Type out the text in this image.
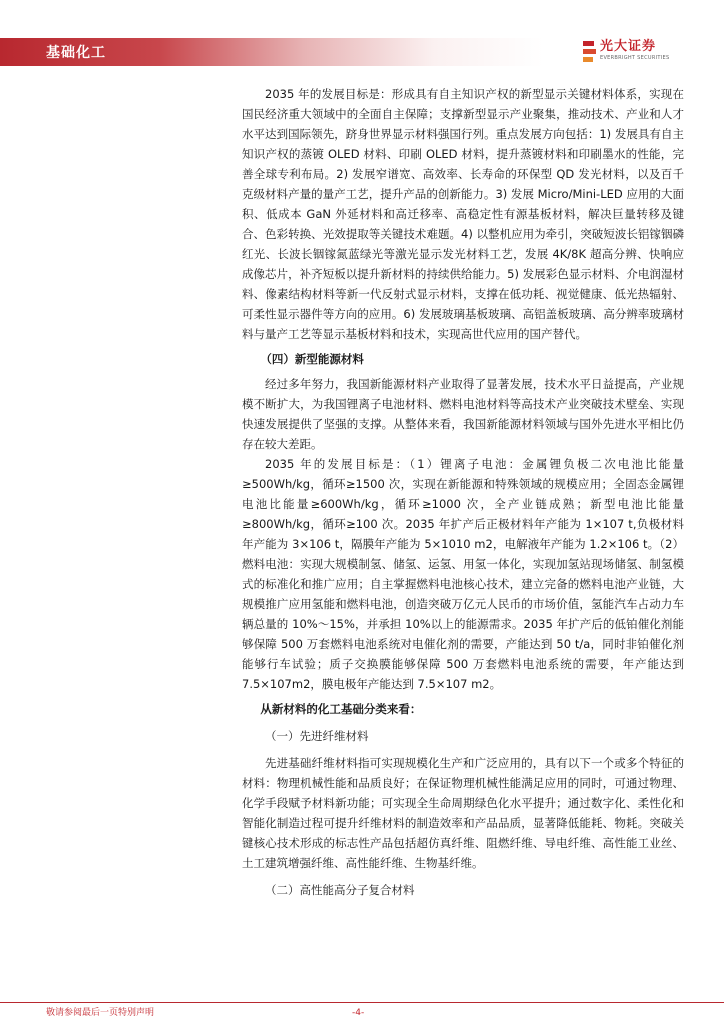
基础化工	光大证券
EVERBRIGHT SECURITIES

2035 年的发展目标是：形成具有自主知识产权的新型显示关键材料体系，实现在国民经济重大领域中的全面自主保障；支撑新型显示产业聚集，推动技术、产业和人才水平达到国际领先，跻身世界显示材料强国行列。重点发展方向包括：1) 发展具有自主知识产权的蒸镀 OLED 材料、印刷 OLED 材料，提升蒸镀材料和印刷墨水的性能，完善全球专利布局。2) 发展窄谱宽、高效率、长寿命的环保型 QD 发光材料，以及百千克级材料产量的量产工艺，提升产品的创新能力。3) 发展 Micro/Mini-LED 应用的大面积、低成本 GaN 外延材料和高迁移率、高稳定性有源基板材料，解决巨量转移及键合、色彩转换、光效提取等关键技术难题。4) 以整机应用为牵引，突破短波长铝镓铟磷红光、长波长铟镓氮蓝绿光等激光显示发光材料工艺，发展 4K/8K 超高分辨、快响应成像芯片，补齐短板以提升新材料的持续供给能力。5) 发展彩色显示材料、介电润湿材料、像素结构材料等新一代反射式显示材料，支撑在低功耗、视觉健康、低光热辐射、可柔性显示器件等方向的应用。6) 发展玻璃基板玻璃、高铝盖板玻璃、高分辨率玻璃材料与量产工艺等显示基板材料和技术，实现高世代应用的国产替代。

（四）新型能源材料

经过多年努力，我国新能源材料产业取得了显著发展，技术水平日益提高，产业规模不断扩大，为我国锂离子电池材料、燃料电池材料等高技术产业突破技术壁垒、实现快速发展提供了坚强的支撑。从整体来看，我国新能源材料领域与国外先进水平相比仍存在较大差距。

2035 年的发展目标是：（1）锂离子电池：金属锂负极二次电池比能量≥500Wh/kg，循环≥1500 次，实现在新能源和特殊领域的规模应用；全固态金属锂电池比能量≥600Wh/kg，循环≥1000 次，全产业链成熟；新型电池比能量≥800Wh/kg，循环≥100 次。2035 年扩产后正极材料年产能为 1×107 t,负极材料年产能为 3×106 t，隔膜年产能为 5×1010 m2，电解液年产能为 1.2×106 t。（2）燃料电池：实现大规模制氢、储氢、运氢、用氢一体化，实现加氢站现场储氢、制氢模式的标准化和推广应用；自主掌握燃料电池核心技术，建立完备的燃料电池产业链，大规模推广应用氢能和燃料电池，创造突破万亿元人民币的市场价值，氢能汽车占动力车辆总量的 10%～15%，并承担 10%以上的能源需求。2035 年扩产后的低铂催化剂能够保障 500 万套燃料电池系统对电催化剂的需要，产能达到 50 t/a，同时非铂催化剂能够行车试验；质子交换膜能够保障 500 万套燃料电池系统的需要，年产能达到 7.5×107m2，膜电极年产能达到 7.5×107 m2。

从新材料的化工基础分类来看：

（一）先进纤维材料

先进基础纤维材料指可实现规模化生产和广泛应用的，具有以下一个或多个特征的材料：物理机械性能和品质良好；在保证物理机械性能满足应用的同时，可通过物理、化学手段赋予材料新功能；可实现全生命周期绿色化水平提升；通过数字化、柔性化和智能化制造过程可提升纤维材料的制造效率和产品品质，显著降低能耗、物耗。突破关键核心技术形成的标志性产品包括超仿真纤维、阻燃纤维、导电纤维、高性能工业丝、土工建筑增强纤维、高性能纤维、生物基纤维。

（二）高性能高分子复合材料

敬请参阅最后一页特别声明	-4-
